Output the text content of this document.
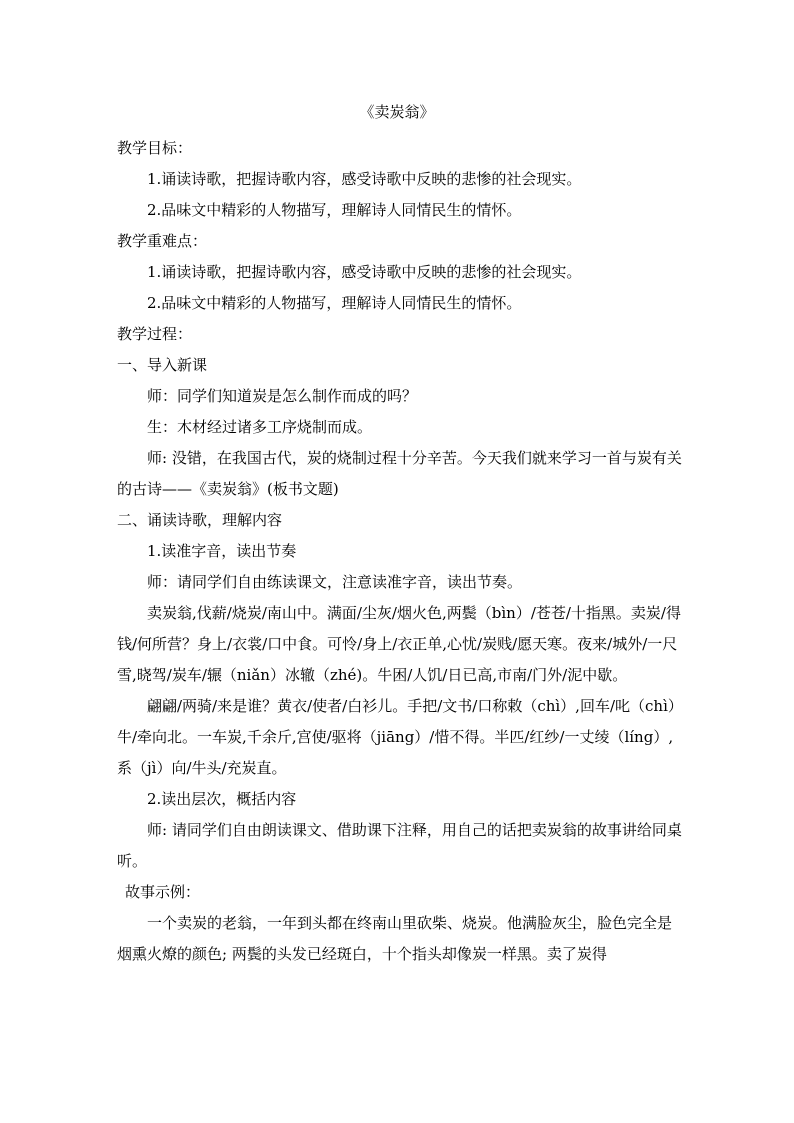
《卖炭翁》

教学目标：

1.诵读诗歌，把握诗歌内容，感受诗歌中反映的悲惨的社会现实。

2.品味文中精彩的人物描写，理解诗人同情民生的情怀。

教学重难点：

1.诵读诗歌，把握诗歌内容，感受诗歌中反映的悲惨的社会现实。

2.品味文中精彩的人物描写，理解诗人同情民生的情怀。

教学过程：

一、导入新课

师：同学们知道炭是怎么制作而成的吗？

生：木材经过诸多工序烧制而成。

师: 没错，在我国古代，炭的烧制过程十分辛苦。今天我们就来学习一首与炭有关的古诗——《卖炭翁》(板书文题)

二、诵读诗歌，理解内容

1.读准字音，读出节奏

师：请同学们自由练读课文，注意读准字音，读出节奏。

卖炭翁,伐薪/烧炭/南山中。满面/尘灰/烟火色,两鬓（bìn）/苍苍/十指黑。卖炭/得钱/何所营？身上/衣裳/口中食。可怜/身上/衣正单,心忧/炭贱/愿天寒。夜来/城外/一尺雪,晓驾/炭车/辗（niǎn）冰辙（zhé)。牛困/人饥/日已高,市南/门外/泥中歇。

翩翩/两骑/来是谁？黄衣/使者/白衫儿。手把/文书/口称敕（chì）,回车/叱（chì）牛/牵向北。一车炭,千余斤,宫使/驱将（jiāng）/惜不得。半匹/红纱/一丈绫（líng）,系（jì）向/牛头/充炭直。

2.读出层次，概括内容

师: 请同学们自由朗读课文、借助课下注释，用自己的话把卖炭翁的故事讲给同桌听。

故事示例：

一个卖炭的老翁，一年到头都在终南山里砍柴、烧炭。他满脸灰尘，脸色完全是烟熏火燎的颜色; 两鬓的头发已经斑白，十个指头却像炭一样黑。卖了炭得
